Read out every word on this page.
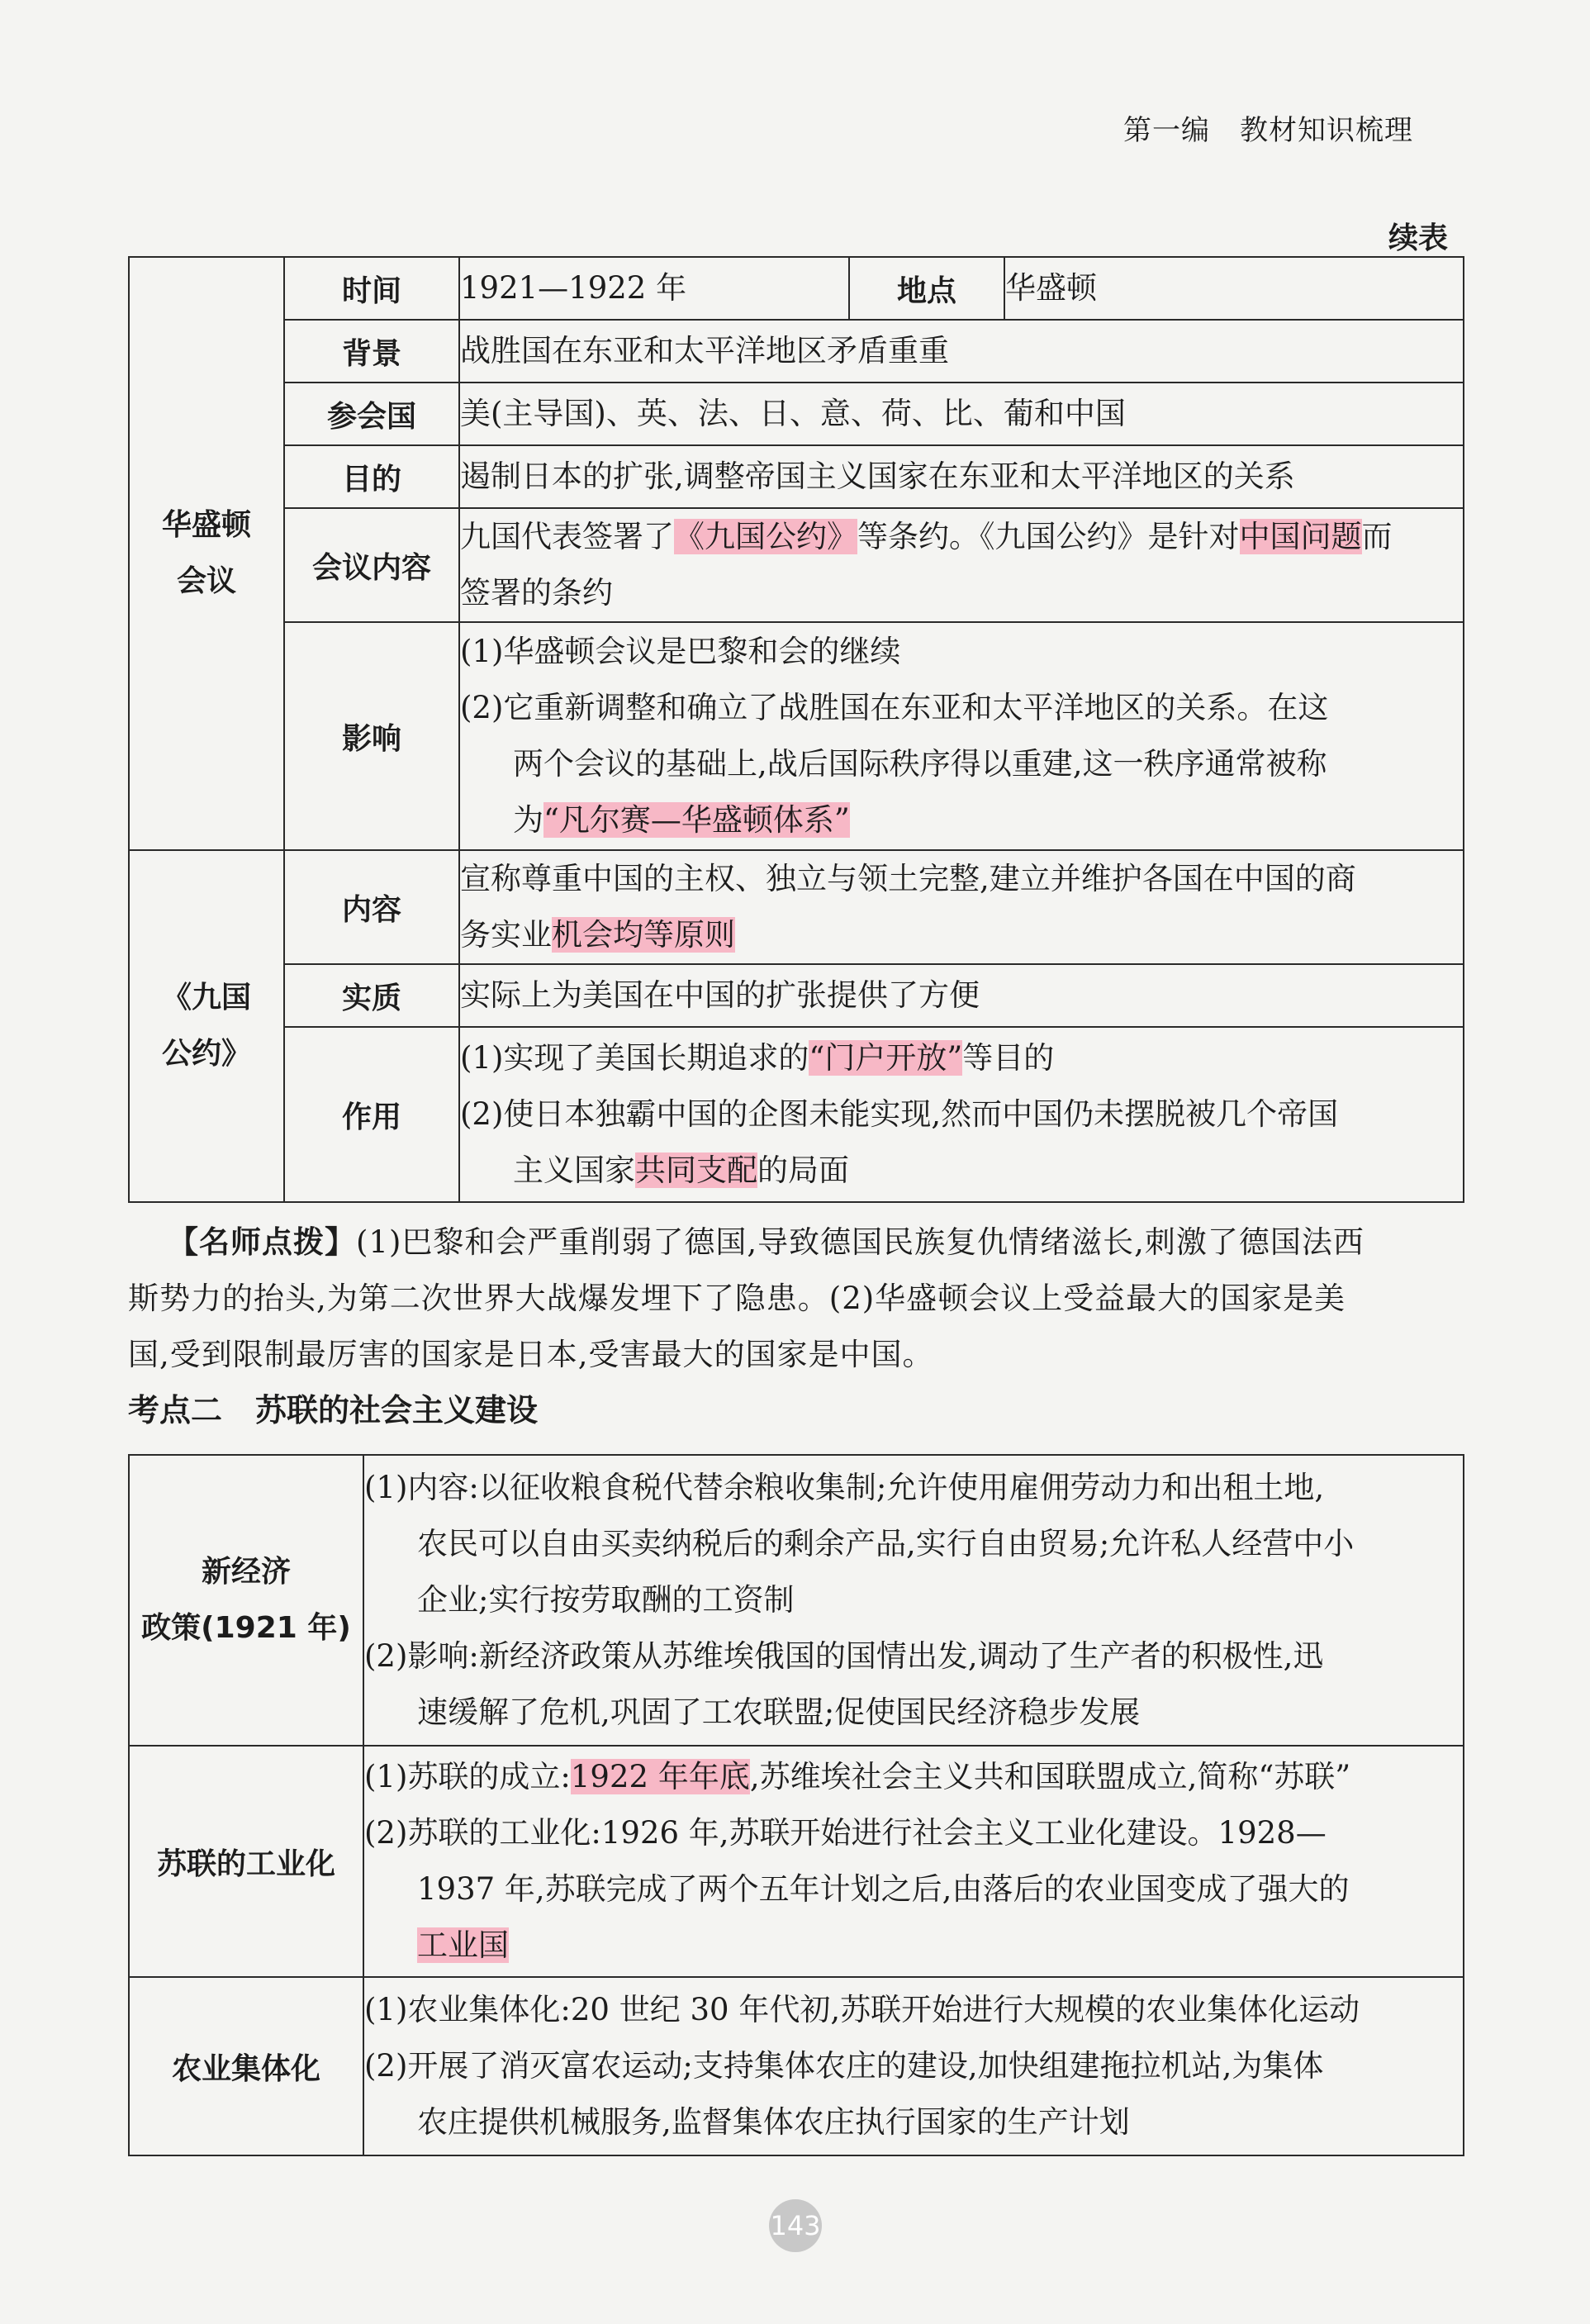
第一编 教材知识梳理
续表
华盛顿
会议	时间	1921—1922 年	地点	华盛顿
	背景	战胜国在东亚和太平洋地区矛盾重重		
	参会国	美(主导国)、英、法、日、意、荷、比、葡和中国		
	目的	遏制日本的扩张,调整帝国主义国家在东亚和太平洋地区的关系		
	会议内容	九国代表签署了《九国公约》等条约。《九国公约》是针对中国问题而
签署的条约		

	影响	(1)华盛顿会议是巴黎和会的继续
(2)它重新调整和确立了战胜国在东亚和太平洋地区的关系。在这
两个会议的基础上,战后国际秩序得以重建,这一秩序通常被称
为“凡尔赛—华盛顿体系”		

《九国
公约》	内容	宣称尊重中国的主权、独立与领土完整,建立并维护各国在中国的商
务实业机会均等原则		

	实质	实际上为美国在中国的扩张提供了方便		
	作用	(1)实现了美国长期追求的“门户开放”等目的
(2)使日本独霸中国的企图未能实现,然而中国仍未摆脱被几个帝国
主义国家共同支配的局面		
【名师点拨】(1)巴黎和会严重削弱了德国,导致德国民族复仇情绪滋长,刺激了德国法西
斯势力的抬头,为第二次世界大战爆发埋下了隐患。(2)华盛顿会议上受益最大的国家是美
国,受到限制最厉害的国家是日本,受害最大的国家是中国。
考点二 苏联的社会主义建设
新经济
政策(1921 年)	(1)内容:以征收粮食税代替余粮收集制;允许使用雇佣劳动力和出租土地,
农民可以自由买卖纳税后的剩余产品,实行自由贸易;允许私人经营中小
企业;实行按劳取酬的工资制
(2)影响:新经济政策从苏维埃俄国的国情出发,调动了生产者的积极性,迅
速缓解了危机,巩固了工农联盟;促使国民经济稳步发展

苏联的工业化	(1)苏联的成立:1922 年年底,苏维埃社会主义共和国联盟成立,简称“苏联”
(2)苏联的工业化:1926 年,苏联开始进行社会主义工业化建设。1928—
1937 年,苏联完成了两个五年计划之后,由落后的农业国变成了强大的
工业国

农业集体化	(1)农业集体化:20 世纪 30 年代初,苏联开始进行大规模的农业集体化运动
(2)开展了消灭富农运动;支持集体农庄的建设,加快组建拖拉机站,为集体
农庄提供机械服务,监督集体农庄执行国家的生产计划
143
